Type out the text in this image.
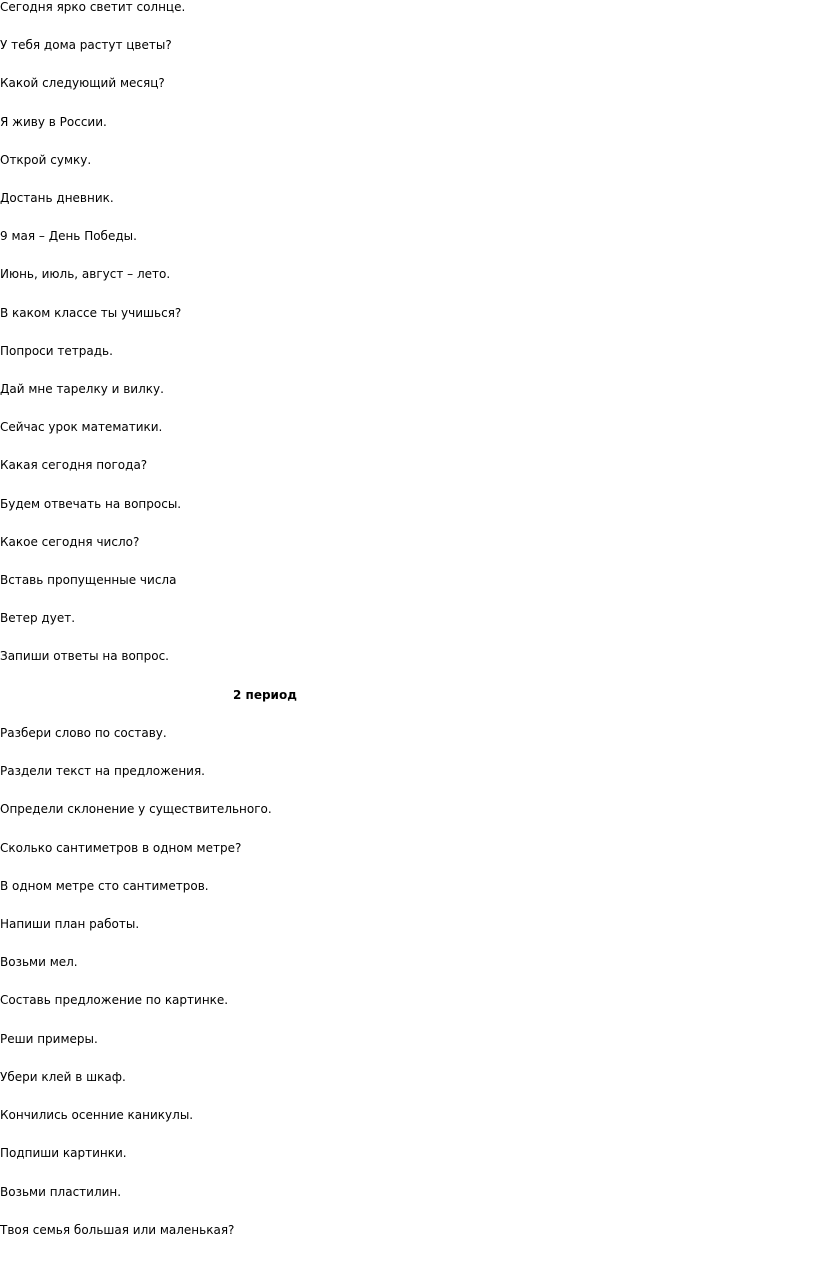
Сегодня ярко светит солнце.

У тебя дома растут цветы?

Какой следующий месяц?

Я живу в России.

Открой сумку.

Достань дневник.

9 мая – День Победы.

Июнь, июль, август – лето.

В каком классе ты учишься?

Попроси тетрадь.

Дай мне тарелку и вилку.

Сейчас урок математики.

Какая сегодня погода?

Будем отвечать на вопросы.

Какое сегодня число?

Вставь пропущенные числа

Ветер дует.

Запиши ответы на вопрос.

2 период

Разбери слово по составу.

Раздели текст на предложения.

Определи склонение у существительного.

Сколько сантиметров в одном метре?

В одном метре сто сантиметров.

Напиши план работы.

Возьми мел.

Составь предложение по картинке.

Реши примеры.

Убери клей в шкаф.

Кончились осенние каникулы.

Подпиши картинки.

Возьми пластилин.

Твоя семья большая или маленькая?
